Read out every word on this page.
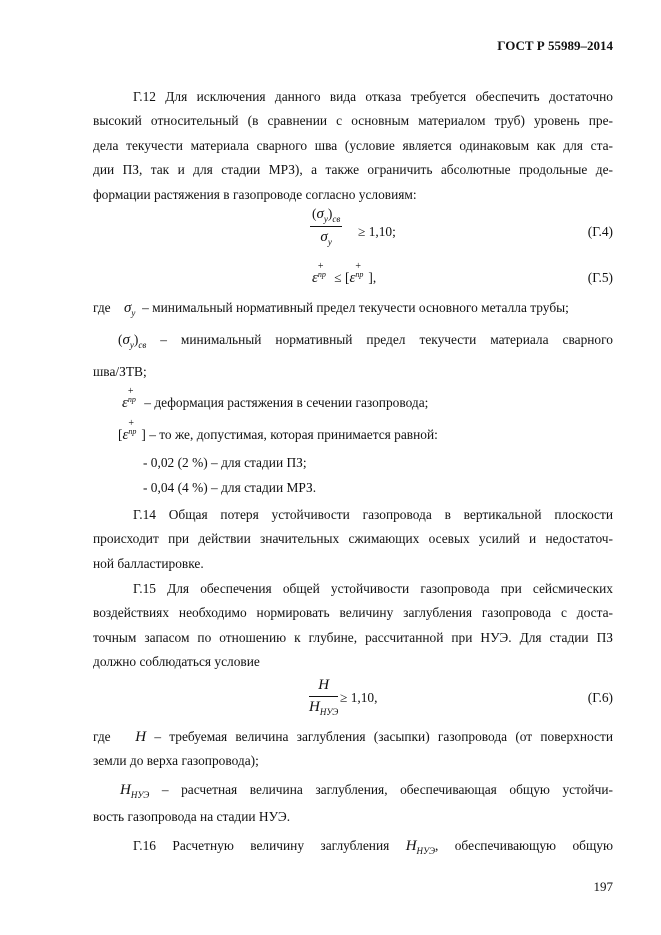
ГОСТ Р 55989–2014
Г.12 Для исключения данного вида отказа требуется обеспечить достаточно
высокий относительный (в сравнении с основным материалом труб) уровень пре-
дела текучести материала сварного шва (условие является одинаковым как для ста-
дии ПЗ, так и для стадии МРЗ), а также ограничить абсолютные продольные де-
формации растяжения в газопроводе согласно условиям:
$(\sigma_y)_{св}$
$\sigma_y$
≥ 1,10;	(Г.4)
ε
+
пр ≤ [ε
+
пр ],	(Г.5)
где $\sigma_y$ – минимальный нормативный предел текучести основного металла трубы;
$(\sigma_y)_{св}$ – минимальный нормативный предел текучести материала сварного
шва/ЗТВ;
ε
+
пр – деформация растяжения в сечении газопровода;
[ε
+
пр ] – то же, допустимая, которая принимается равной:
- 0,02 (2 %) – для стадии ПЗ;
- 0,04 (4 %) – для стадии МРЗ.
Г.14 Общая потеря устойчивости газопровода в вертикальной плоскости
происходит при действии значительных сжимающих осевых усилий и недостаточ-
ной балластировке.
Г.15 Для обеспечения общей устойчивости газопровода при сейсмических
воздействиях необходимо нормировать величину заглубления газопровода с доста-
точным запасом по отношению к глубине, рассчитанной при НУЭ. Для стадии ПЗ
должно соблюдаться условие
H
$H_{НУЭ}$
≥ 1,10,	(Г.6)
где H – требуемая величина заглубления (засыпки) газопровода (от поверхности
земли до верха газопровода);
$H_{НУЭ}$ – расчетная величина заглубления, обеспечивающая общую устойчи-
вость газопровода на стадии НУЭ.
Г.16 Расчетную величину заглубления $H_{НУЭ}$, обеспечивающую общую
197
